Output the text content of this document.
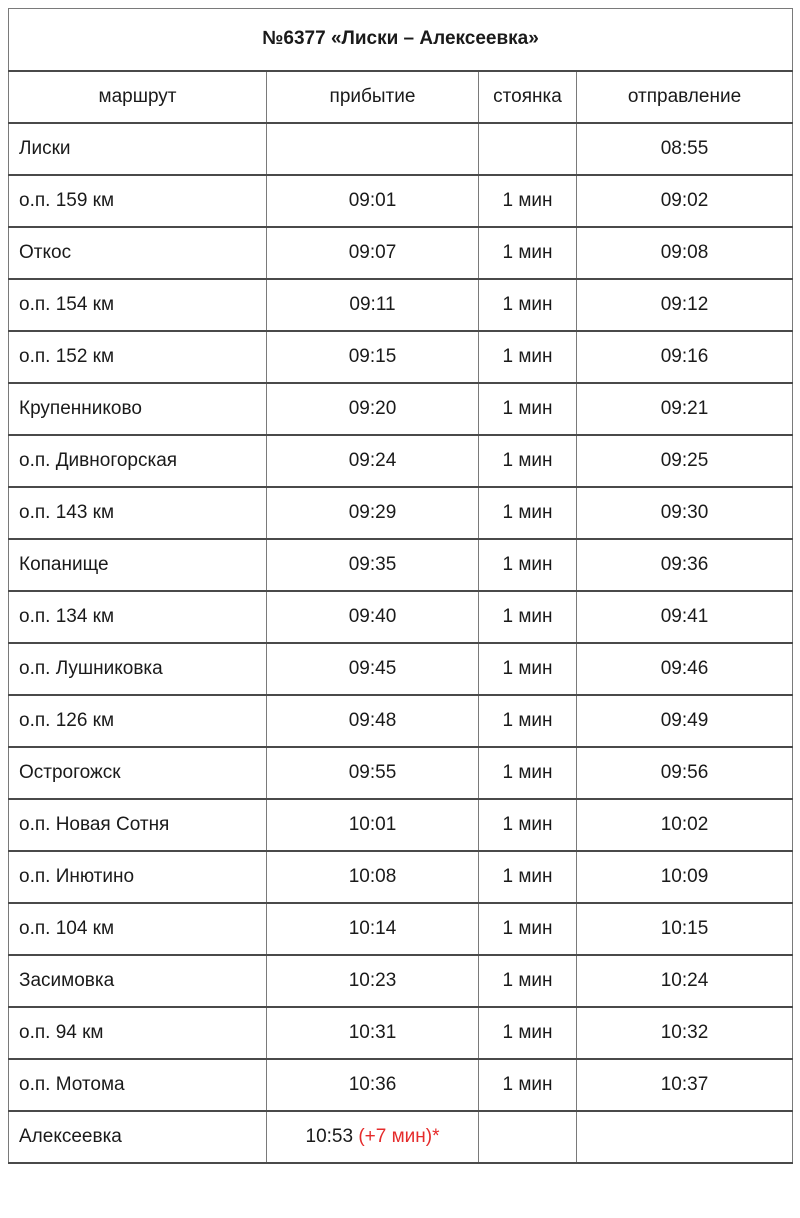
№6377 «Лиски – Алексеевка»			
маршрут	прибытие	стоянка	отправление
Лиски			08:55
о.п. 159 км	09:01	1 мин	09:02
Откос	09:07	1 мин	09:08
о.п. 154 км	09:11	1 мин	09:12
о.п. 152 км	09:15	1 мин	09:16
Крупенниково	09:20	1 мин	09:21
о.п. Дивногорская	09:24	1 мин	09:25
о.п. 143 км	09:29	1 мин	09:30
Копанище	09:35	1 мин	09:36
о.п. 134 км	09:40	1 мин	09:41
о.п. Лушниковка	09:45	1 мин	09:46
о.п. 126 км	09:48	1 мин	09:49
Острогожск	09:55	1 мин	09:56
о.п. Новая Сотня	10:01	1 мин	10:02
о.п. Инютино	10:08	1 мин	10:09
о.п. 104 км	10:14	1 мин	10:15
Засимовка	10:23	1 мин	10:24
о.п. 94 км	10:31	1 мин	10:32
о.п. Мотома	10:36	1 мин	10:37
Алексеевка	10:53 (+7 мин)*		
